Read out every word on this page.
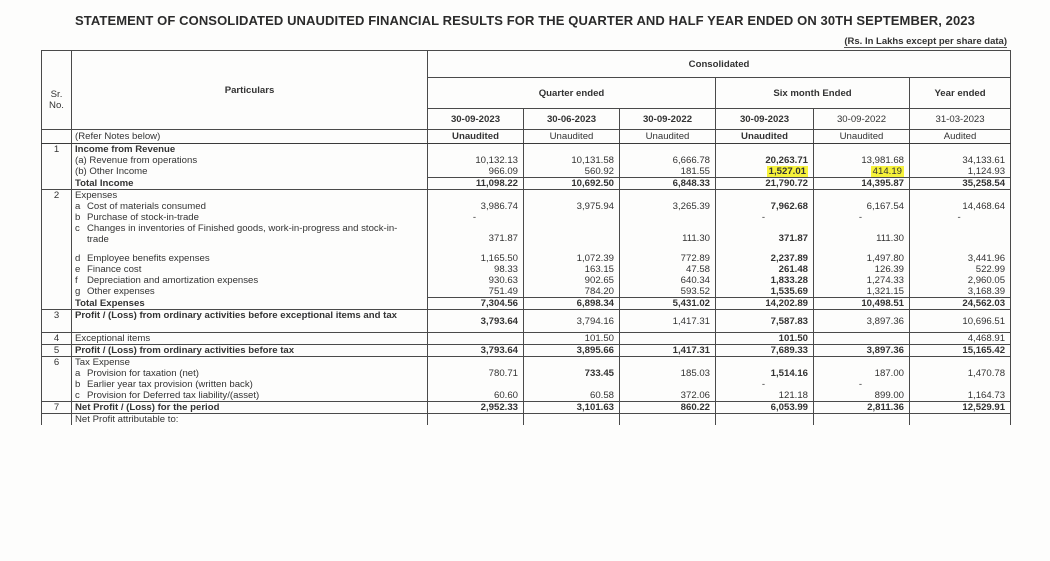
STATEMENT OF CONSOLIDATED UNAUDITED FINANCIAL RESULTS FOR THE QUARTER AND HALF YEAR ENDED ON 30TH SEPTEMBER, 2023
(Rs. In Lakhs except per share data)
Sr. No.	Particulars	Consolidated					
		Quarter ended			Six month Ended		Year ended
		30-09-2023	30-06-2023	30-09-2022	30-09-2023	30-09-2022	31-03-2023
	(Refer Notes below)	Unaudited	Unaudited	Unaudited	Unaudited	Unaudited	Audited
1	Income from Revenue						
	(a) Revenue from operations	10,132.13	10,131.58	6,666.78	20,263.71	13,981.68	34,133.61
	(b) Other Income	966.09	560.92	181.55	1,527.01	414.19	1,124.93
	Total Income	11,098.22	10,692.50	6,848.33	21,790.72	14,395.87	35,258.54
2	Expenses						
	a Cost of materials consumed	3,986.74	3,975.94	3,265.39	7,962.68	6,167.54	14,468.64
	b Purchase of stock-in-trade	-			-	-	-
	c Changes in inventories of Finished goods, work-in-progress and stock-in-trade	371.87		111.30	371.87	111.30	
	d Employee benefits expenses	1,165.50	1,072.39	772.89	2,237.89	1,497.80	3,441.96
	e Finance cost	98.33	163.15	47.58	261.48	126.39	522.99
	f Depreciation and amortization expenses	930.63	902.65	640.34	1,833.28	1,274.33	2,960.05
	g Other expenses	751.49	784.20	593.52	1,535.69	1,321.15	3,168.39
	Total Expenses	7,304.56	6,898.34	5,431.02	14,202.89	10,498.51	24,562.03
3	Profit / (Loss) from ordinary activities before exceptional items and tax	3,793.64	3,794.16	1,417.31	7,587.83	3,897.36	10,696.51
4	Exceptional items		101.50		101.50		4,468.91
5	Profit / (Loss) from ordinary activities before tax	3,793.64	3,895.66	1,417.31	7,689.33	3,897.36	15,165.42
6	Tax Expense						
	a Provision for taxation (net)	780.71	733.45	185.03	1,514.16	187.00	1,470.78
	b Earlier year tax provision (written back)				-	-	
	c Provision for Deferred tax liability/(asset)	60.60	60.58	372.06	121.18	899.00	1,164.73
7	Net Profit / (Loss) for the period	2,952.33	3,101.63	860.22	6,053.99	2,811.36	12,529.91
	Net Profit attributable to:						
